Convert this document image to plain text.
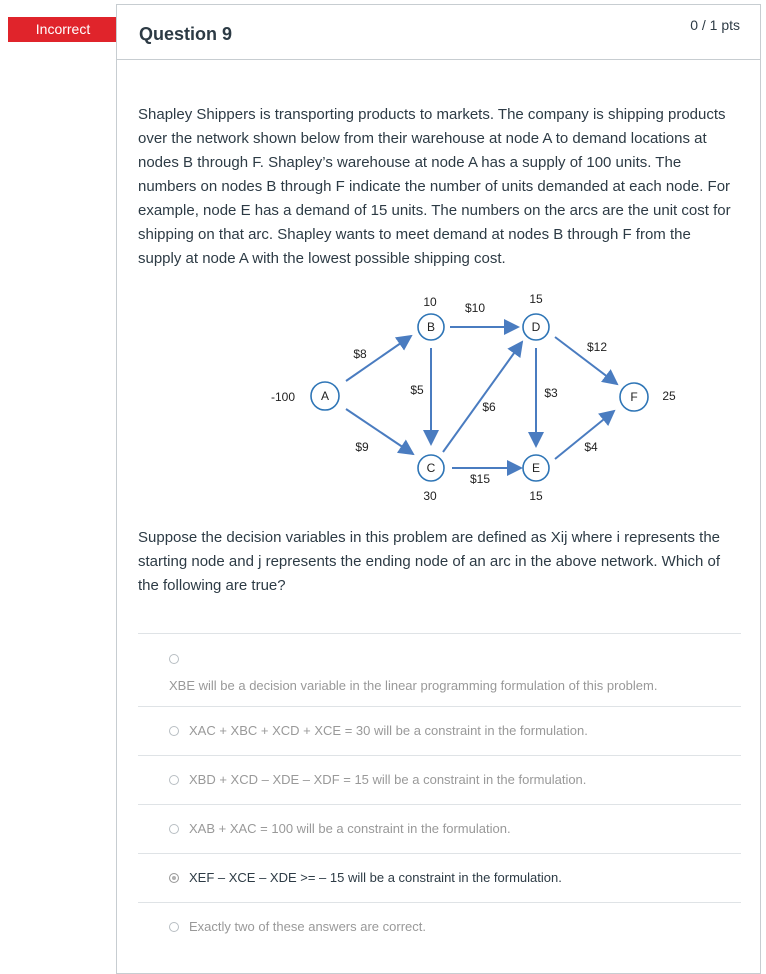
Incorrect	Question 9	0 / 1 pts
Shapley Shippers is transporting products to markets. The company is shipping products over the network shown below from their warehouse at node A to demand locations at nodes B through F. Shapley’s warehouse at node A has a supply of 100 units. The numbers on nodes B through F indicate the number of units demanded at each node. For example, node E has a demand of 15 units. The numbers on the arcs are the unit cost for shipping on that arc. Shapley wants to meet demand at nodes B through F from the supply at node A with the lowest possible shipping cost.
A
B
C
D
E
F
-100
10
30
15
15
25
$8
$9
$10
$5
$6
$3
$15
$12
$4
Suppose the decision variables in this problem are defined as Xij where i represents the starting node and j represents the ending node of an arc in the above network. Which of the following are true?
XBE will be a decision variable in the linear programming formulation of this problem.
XAC + XBC + XCD + XCE = 30 will be a constraint in the formulation.
XBD + XCD – XDE – XDF = 15 will be a constraint in the formulation.
XAB + XAC = 100 will be a constraint in the formulation.
XEF – XCE – XDE >= – 15 will be a constraint in the formulation.
Exactly two of these answers are correct.
